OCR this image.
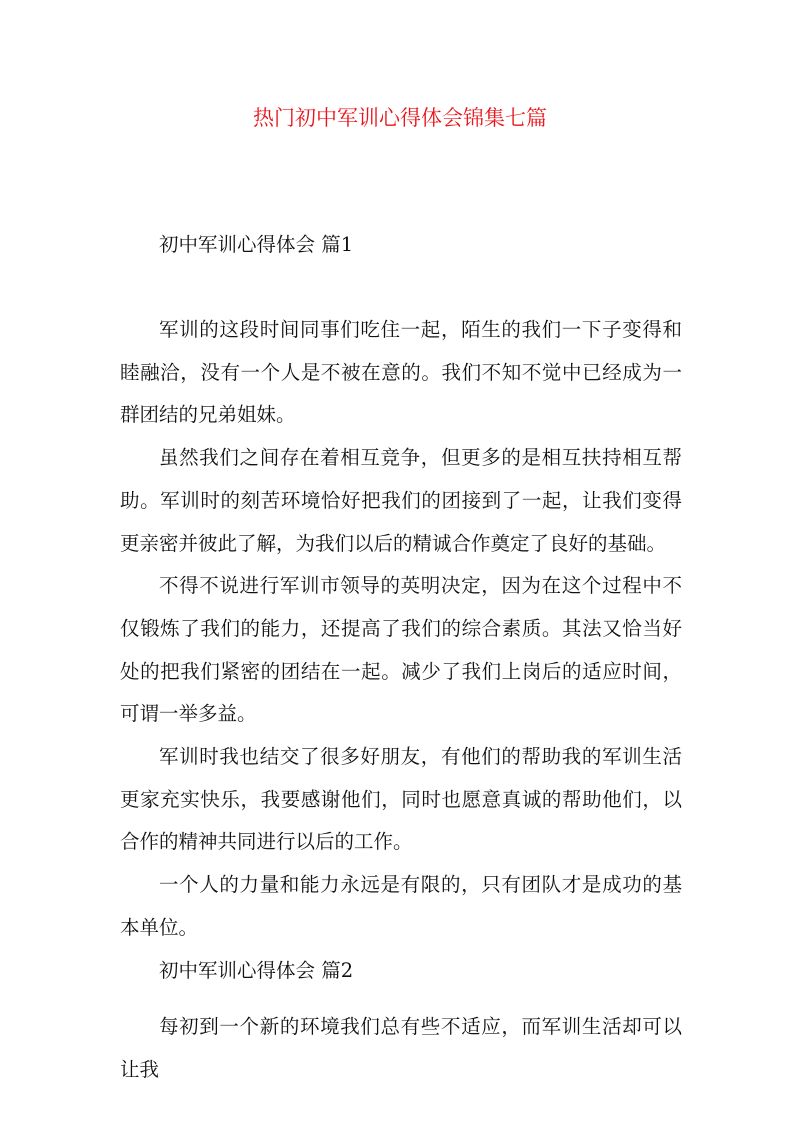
热门初中军训心得体会锦集七篇

初中军训心得体会 篇1

军训的这段时间同事们吃住一起，陌生的我们一下子变得和睦融洽，没有一个人是不被在意的。我们不知不觉中已经成为一群团结的兄弟姐妹。

虽然我们之间存在着相互竞争，但更多的是相互扶持相互帮助。军训时的刻苦环境恰好把我们的团接到了一起，让我们变得更亲密并彼此了解，为我们以后的精诚合作奠定了良好的基础。

不得不说进行军训市领导的英明决定，因为在这个过程中不仅锻炼了我们的能力，还提高了我们的综合素质。其法又恰当好处的把我们紧密的团结在一起。减少了我们上岗后的适应时间，可谓一举多益。

军训时我也结交了很多好朋友，有他们的帮助我的军训生活更家充实快乐，我要感谢他们，同时也愿意真诚的帮助他们，以合作的精神共同进行以后的工作。

一个人的力量和能力永远是有限的，只有团队才是成功的基本单位。

初中军训心得体会 篇2

每初到一个新的环境我们总有些不适应，而军训生活却可以让我
